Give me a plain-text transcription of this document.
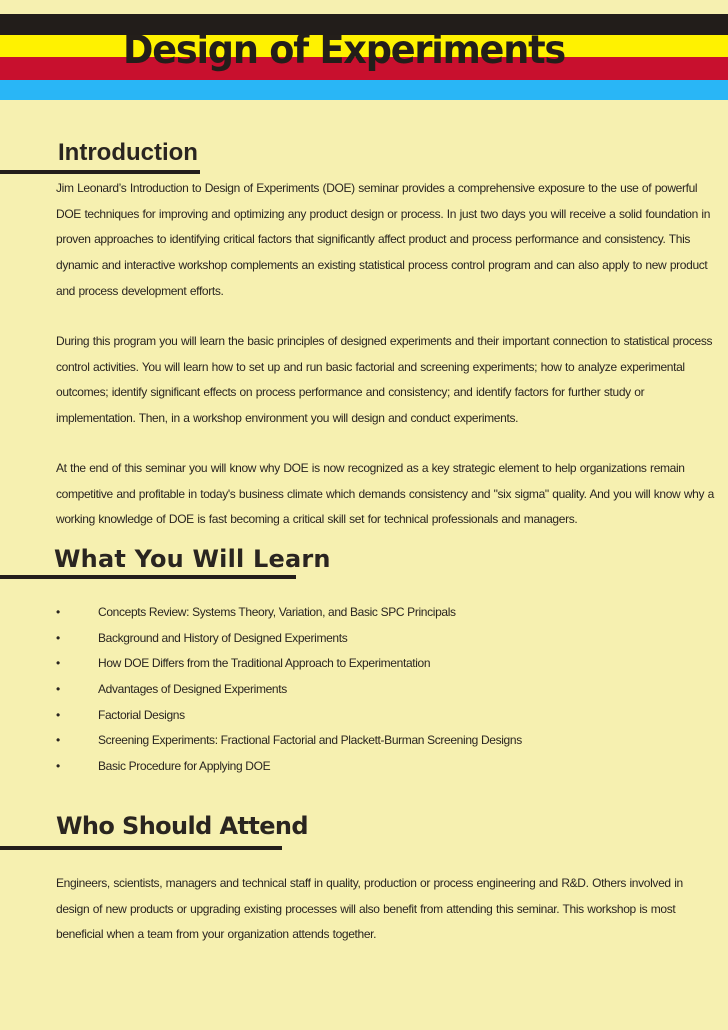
Design of Experiments
Introduction

Jim Leonard’s Introduction to Design of Experiments (DOE) seminar provides a comprehensive exposure to the use of powerful DOE techniques for improving and optimizing any product design or process. In just two days you will receive a solid foundation in proven approaches to identifying critical factors that significantly affect product and process performance and consistency. This dynamic and interactive workshop complements an existing statistical process control program and can also apply to new product and process development efforts.

During this program you will learn the basic principles of designed experiments and their important connection to statistical process control activities. You will learn how to set up and run basic factorial and screening experiments; how to analyze experimental outcomes; identify significant effects on process performance and consistency; and identify factors for further study or implementation. Then, in a workshop environment you will design and conduct experiments.

At the end of this seminar you will know why DOE is now recognized as a key strategic element to help organizations remain competitive and profitable in today's business climate which demands consistency and "six sigma" quality. And you will know why a working knowledge of DOE is fast becoming a critical skill set for technical professionals and managers.

What You Will Learn
•	Concepts Review: Systems Theory, Variation, and Basic SPC Principals
•	Background and History of Designed Experiments
•	How DOE Differs from the Traditional Approach to Experimentation
•	Advantages of Designed Experiments
•	Factorial Designs
•	Screening Experiments: Fractional Factorial and Plackett-Burman Screening Designs
•	Basic Procedure for Applying DOE
Who Should Attend

Engineers, scientists, managers and technical staff in quality, production or process engineering and R&D. Others involved in design of new products or upgrading existing processes will also benefit from attending this seminar. This workshop is most beneficial when a team from your organization attends together.
